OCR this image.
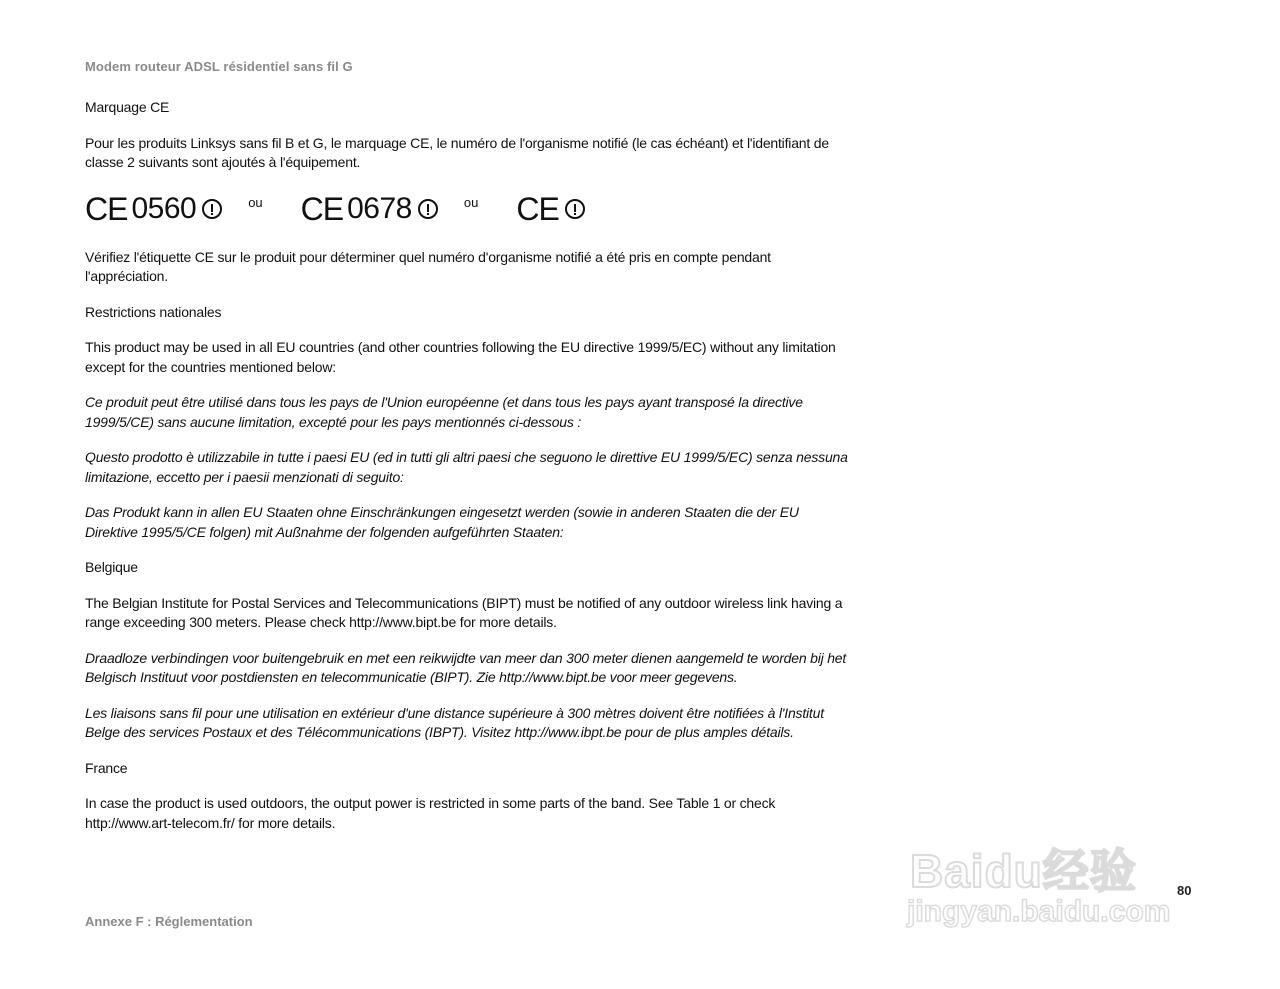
Modem routeur ADSL résidentiel sans fil G

Marquage CE

Pour les produits Linksys sans fil B et G, le marquage CE, le numéro de l'organisme notifié (le cas échéant) et l'identifiant de classe 2 suivants sont ajoutés à l'équipement.

CE 0560	ou CE 0678	ou CE

Vérifiez l'étiquette CE sur le produit pour déterminer quel numéro d'organisme notifié a été pris en compte pendant l'appréciation.

Restrictions nationales

This product may be used in all EU countries (and other countries following the EU directive 1999/5/EC) without any limitation except for the countries mentioned below:

Ce produit peut être utilisé dans tous les pays de l'Union européenne (et dans tous les pays ayant transposé la directive 1999/5/CE) sans aucune limitation, excepté pour les pays mentionnés ci-dessous :

Questo prodotto è utilizzabile in tutte i paesi EU (ed in tutti gli altri paesi che seguono le direttive EU 1999/5/EC) senza nessuna limitazione, eccetto per i paesii menzionati di seguito:

Das Produkt kann in allen EU Staaten ohne Einschränkungen eingesetzt werden (sowie in anderen Staaten die der EU Direktive 1995/5/CE folgen) mit Außnahme der folgenden aufgeführten Staaten:

Belgique

The Belgian Institute for Postal Services and Telecommunications (BIPT) must be notified of any outdoor wireless link having a range exceeding 300 meters. Please check http://www.bipt.be for more details.

Draadloze verbindingen voor buitengebruik en met een reikwijdte van meer dan 300 meter dienen aangemeld te worden bij het Belgisch Instituut voor postdiensten en telecommunicatie (BIPT). Zie http://www.bipt.be voor meer gegevens.

Les liaisons sans fil pour une utilisation en extérieur d'une distance supérieure à 300 mètres doivent être notifiées à l'Institut Belge des services Postaux et des Télécommunications (IBPT). Visitez http://www.ibpt.be pour de plus amples détails.

France

In case the product is used outdoors, the output power is restricted in some parts of the band. See Table 1 or check http://www.art-telecom.fr/ for more details.

80
Annexe F : Réglementation
Baidu经验
jingyan.baidu.com
